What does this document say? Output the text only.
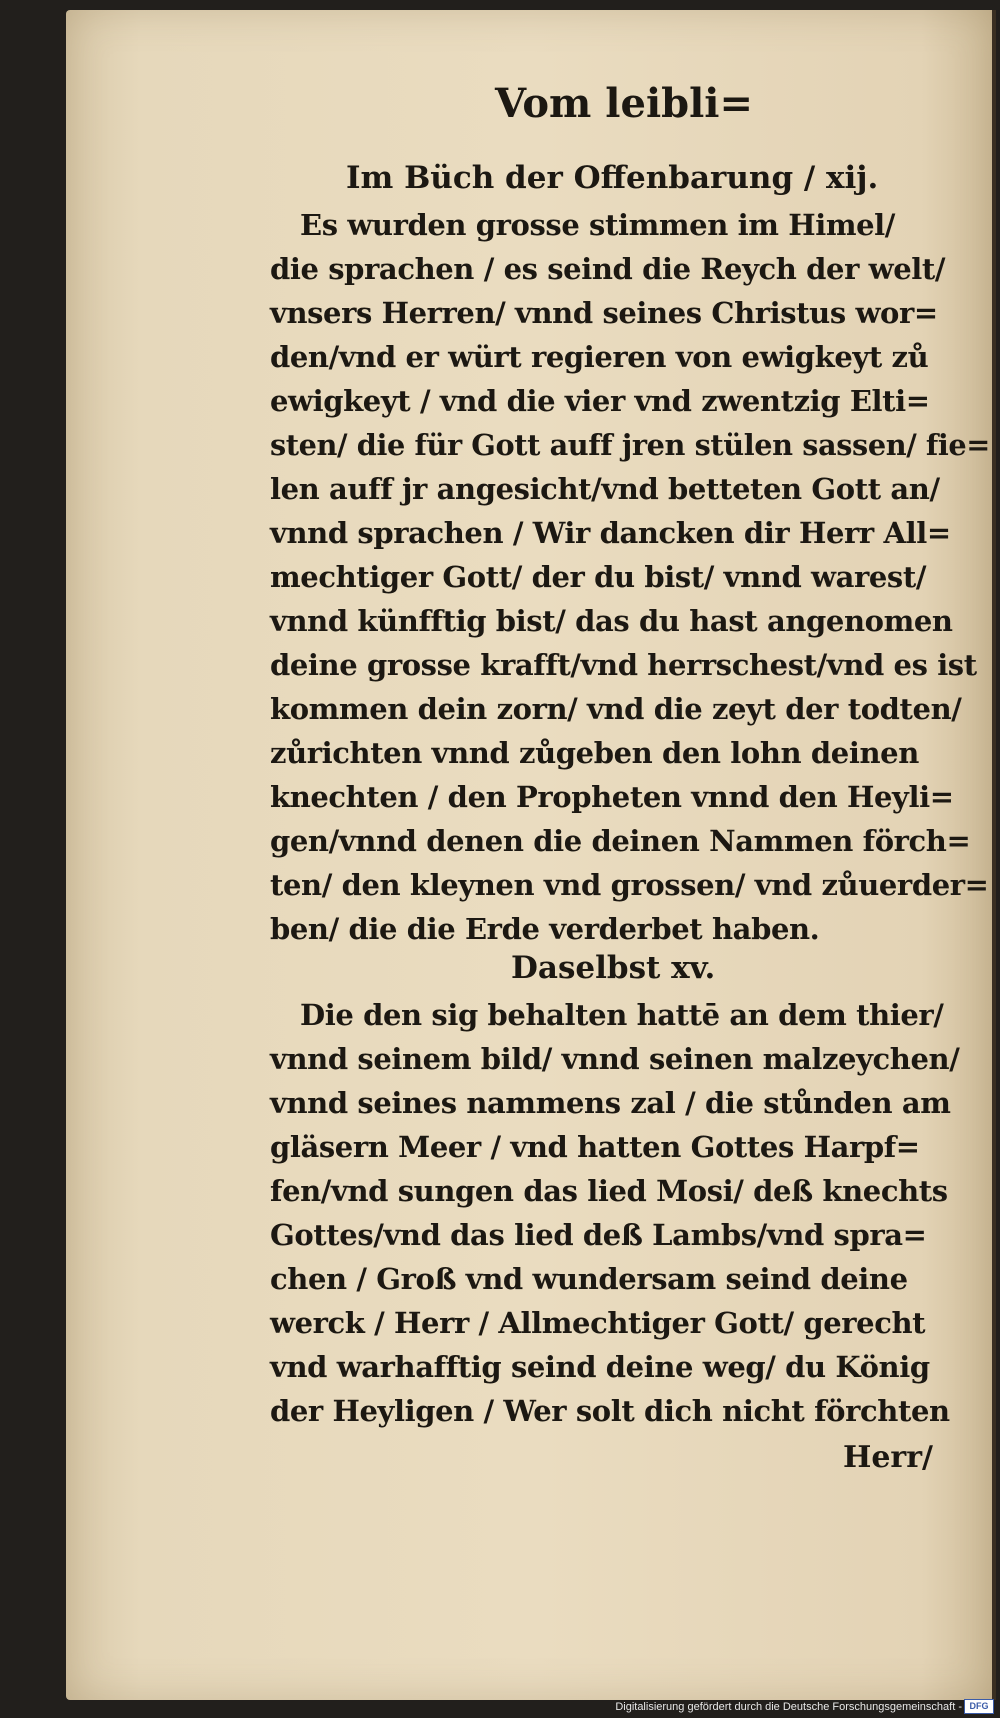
Vom leibli=
Im Büch der Offenbarung / xij.
Es wurden grosse stimmen im Himel/
die sprachen / es seind die Reych der welt/
vnsers Herren/ vnnd seines Christus wor=
den/vnd er würt regieren von ewigkeyt zů
ewigkeyt / vnd die vier vnd zwentzig Elti=
sten/ die für Gott auff jren stülen sassen/ fie=
len auff jr angesicht/vnd betteten Gott an/
vnnd sprachen / Wir dancken dir Herr All=
mechtiger Gott/ der du bist/ vnnd warest/
vnnd künfftig bist/ das du hast angenomen
deine grosse krafft/vnd herrschest/vnd es ist
kommen dein zorn/ vnd die zeyt der todten/
zůrichten vnnd zůgeben den lohn deinen
knechten / den Propheten vnnd den Heyli=
gen/vnnd denen die deinen Nammen förch=
ten/ den kleynen vnd grossen/ vnd zůuerder=
ben/ die die Erde verderbet haben.
Daselbst xv.
Die den sig behalten hattē an dem thier/
vnnd seinem bild/ vnnd seinen malzeychen/
vnnd seines nammens zal / die stůnden am
gläsern Meer / vnd hatten Gottes Harpf=
fen/vnd sungen das lied Mosi/ deß knechts
Gottes/vnd das lied deß Lambs/vnd spra=
chen / Groß vnd wundersam seind deine
werck / Herr / Allmechtiger Gott/ gerecht
vnd warhafftig seind deine weg/ du König
der Heyligen / Wer solt dich nicht förchten
Herr/
Digitalisierung gefördert durch die Deutsche Forschungsgemeinschaft - DFG
